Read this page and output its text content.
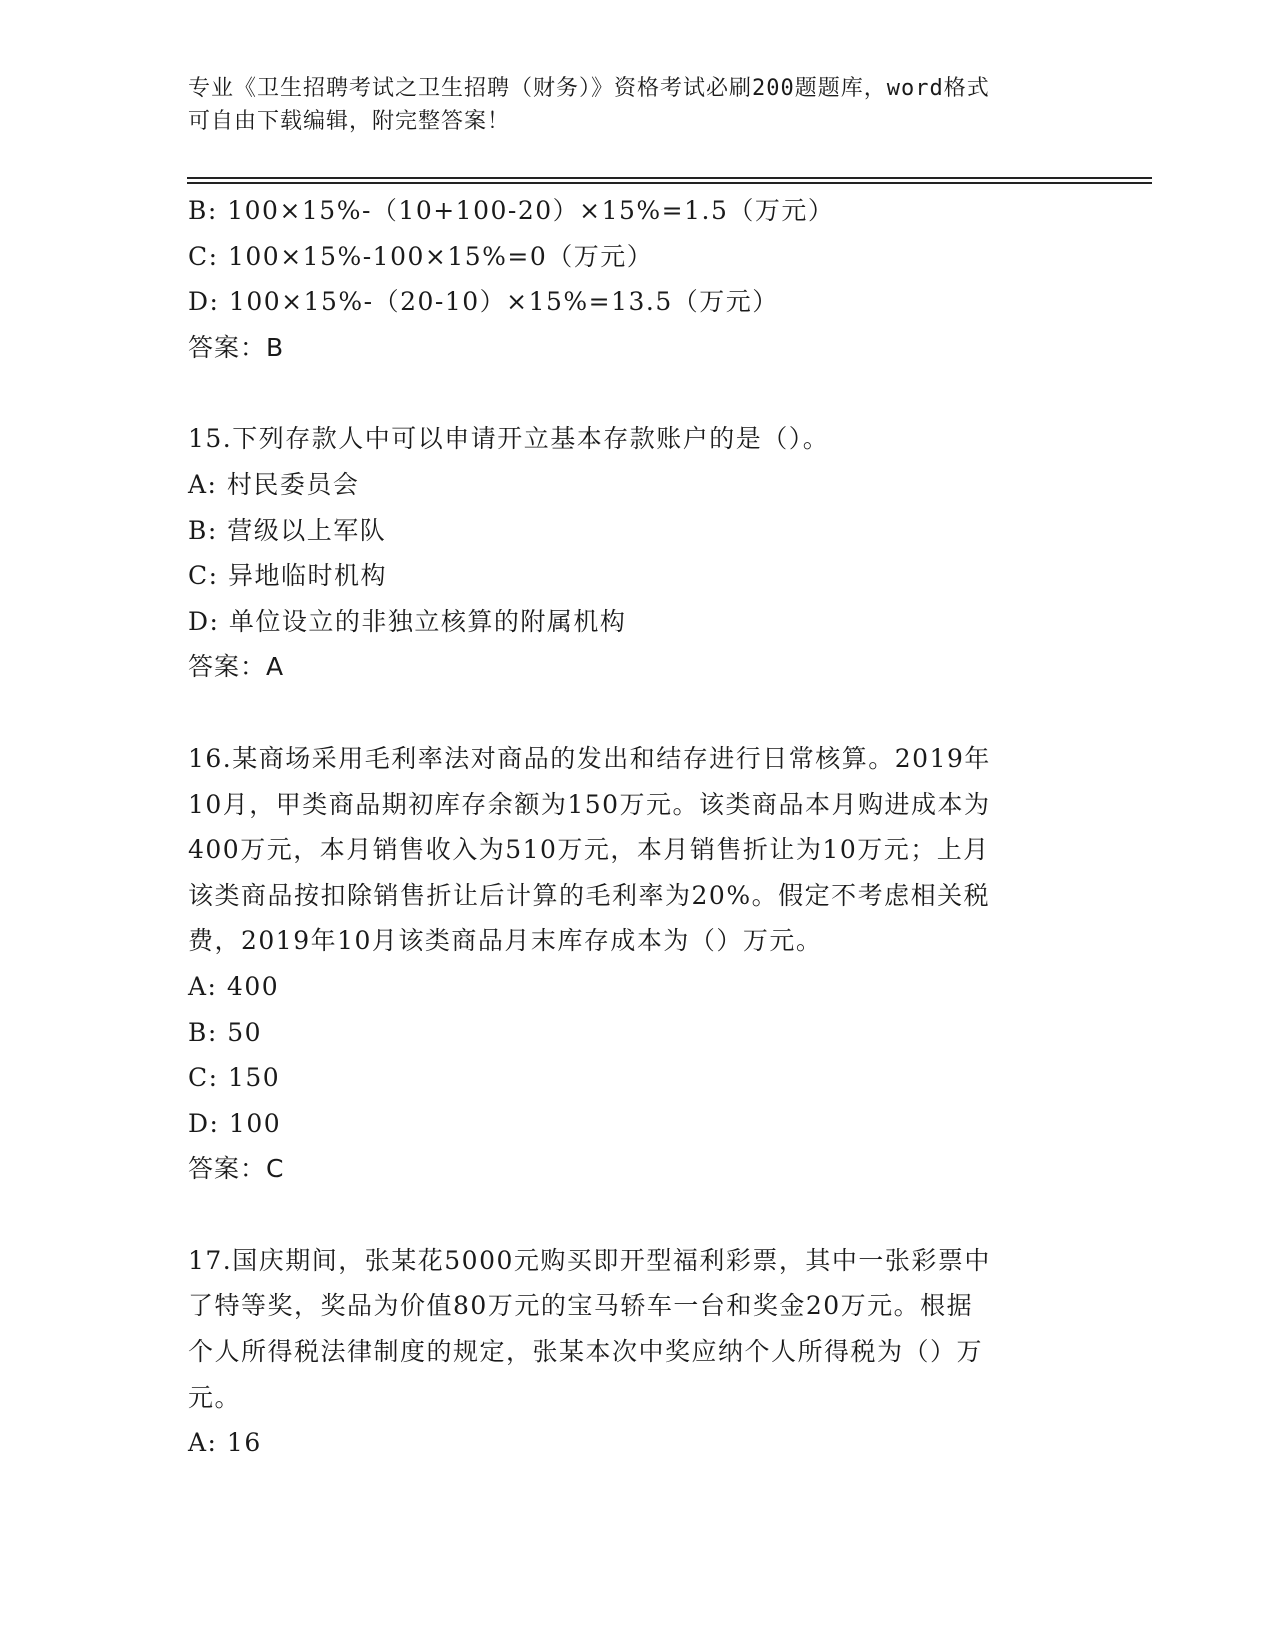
专业《卫生招聘考试之卫生招聘（财务）》资格考试必刷200题题库，word格式
可自由下载编辑，附完整答案！
B: 100×15%-（10+100-20）×15%=1.5（万元）
C: 100×15%-100×15%=0（万元）
D: 100×15%-（20-10）×15%=13.5（万元）
答案：B
15.下列存款人中可以申请开立基本存款账户的是（）。
A: 村民委员会
B: 营级以上军队
C: 异地临时机构
D: 单位设立的非独立核算的附属机构
答案：A
16.某商场采用毛利率法对商品的发出和结存进行日常核算。2019年
10月，甲类商品期初库存余额为150万元。该类商品本月购进成本为
400万元，本月销售收入为510万元，本月销售折让为10万元；上月
该类商品按扣除销售折让后计算的毛利率为20%。假定不考虑相关税
费，2019年10月该类商品月末库存成本为（）万元。
A: 400
B: 50
C: 150
D: 100
答案：C
17.国庆期间，张某花5000元购买即开型福利彩票，其中一张彩票中
了特等奖，奖品为价值80万元的宝马轿车一台和奖金20万元。根据
个人所得税法律制度的规定，张某本次中奖应纳个人所得税为（）万
元。
A: 16
